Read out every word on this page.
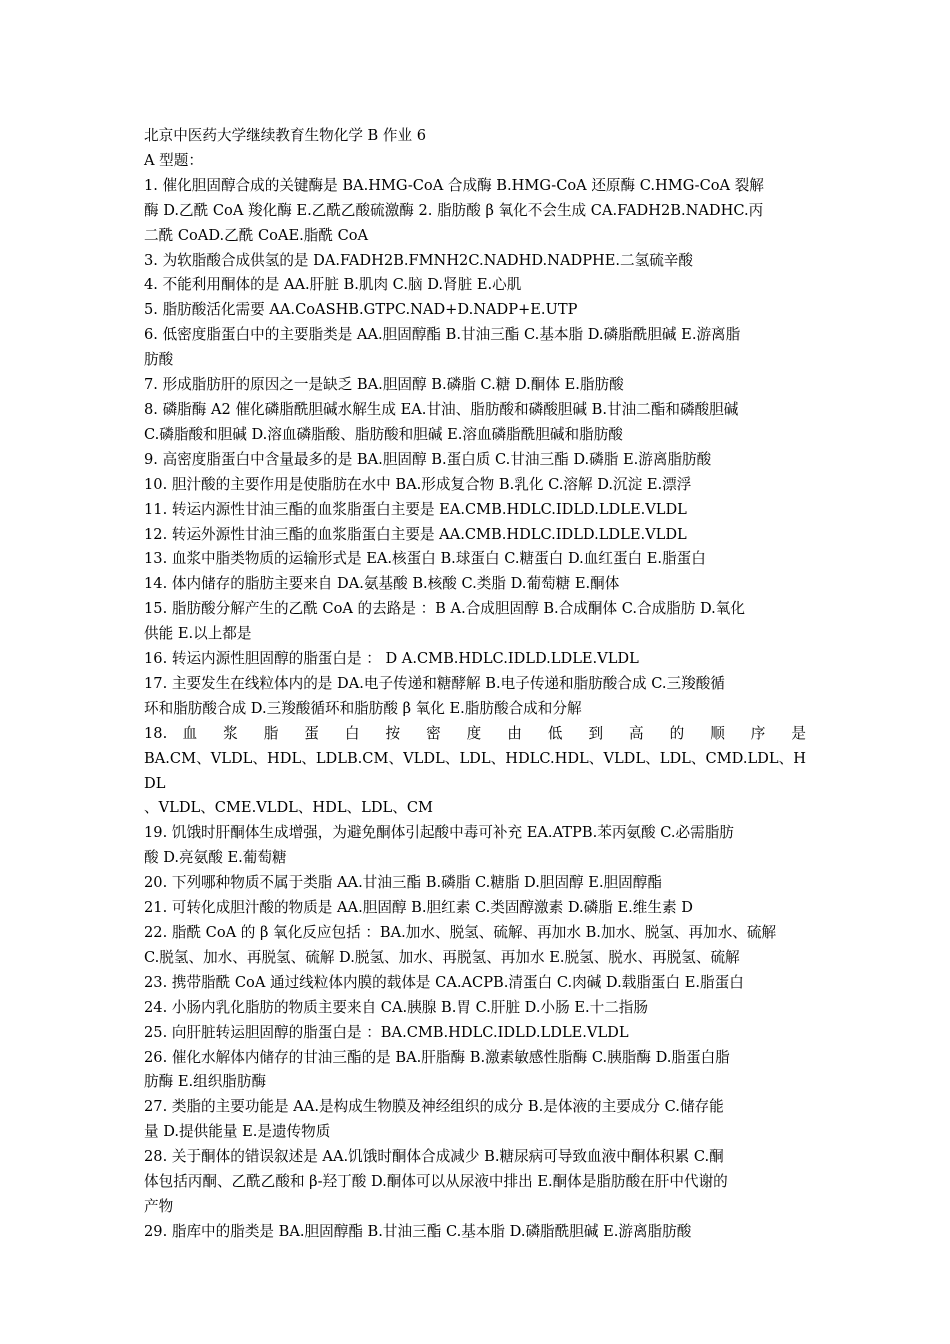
北京中医药大学继续教育生物化学 B 作业 6

A 型题：

1. 催化胆固醇合成的关键酶是 BA.HMG-CoA 合成酶 B.HMG-CoA 还原酶 C.HMG-CoA 裂解

酶 D.乙酰 CoA 羧化酶 E.乙酰乙酸硫激酶 2. 脂肪酸 β 氧化不会生成 CA.FADH2B.NADHC.丙

二酰 CoAD.乙酰 CoAE.脂酰 CoA

3. 为软脂酸合成供氢的是 DA.FADH2B.FMNH2C.NADHD.NADPHE.二氢硫辛酸

4. 不能利用酮体的是 AA.肝脏 B.肌肉 C.脑 D.肾脏 E.心肌

5. 脂肪酸活化需要 AA.CoASHB.GTPC.NAD+D.NADP+E.UTP

6. 低密度脂蛋白中的主要脂类是 AA.胆固醇酯 B.甘油三酯 C.基本脂 D.磷脂酰胆碱 E.游离脂

肪酸

7. 形成脂肪肝的原因之一是缺乏 BA.胆固醇 B.磷脂 C.糖 D.酮体 E.脂肪酸

8. 磷脂酶 A2 催化磷脂酰胆碱水解生成 EA.甘油、脂肪酸和磷酸胆碱 B.甘油二酯和磷酸胆碱

C.磷脂酸和胆碱 D.溶血磷脂酸、脂肪酸和胆碱 E.溶血磷脂酰胆碱和脂肪酸

9. 高密度脂蛋白中含量最多的是 BA.胆固醇 B.蛋白质 C.甘油三酯 D.磷脂 E.游离脂肪酸

10. 胆汁酸的主要作用是使脂肪在水中 BA.形成复合物 B.乳化 C.溶解 D.沉淀 E.漂浮

11. 转运内源性甘油三酯的血浆脂蛋白主要是 EA.CMB.HDLC.IDLD.LDLE.VLDL

12. 转运外源性甘油三酯的血浆脂蛋白主要是 AA.CMB.HDLC.IDLD.LDLE.VLDL

13. 血浆中脂类物质的运输形式是 EA.核蛋白 B.球蛋白 C.糖蛋白 D.血红蛋白 E.脂蛋白

14. 体内储存的脂肪主要来自 DA.氨基酸 B.核酸 C.类脂 D.葡萄糖 E.酮体

15. 脂肪酸分解产生的乙酰 CoA 的去路是 ：B A.合成胆固醇 B.合成酮体 C.合成脂肪 D.氧化

供能 E.以上都是

16. 转运内源性胆固醇的脂蛋白是 ： D A.CMB.HDLC.IDLD.LDLE.VLDL

17. 主要发生在线粒体内的是 DA.电子传递和糖酵解 B.电子传递和脂肪酸合成 C.三羧酸循

环和脂肪酸合成 D.三羧酸循环和脂肪酸 β 氧化 E.脂肪酸合成和分解

18. 血 浆 脂 蛋 白 按 密 度 由 低 到 高 的 顺 序 是

BA.CM、VLDL、HDL、LDLB.CM、VLDL、LDL、HDLC.HDL、VLDL、LDL、CMD.LDL、HDL

、VLDL、CME.VLDL、HDL、LDL、CM

19. 饥饿时肝酮体生成增强，为避免酮体引起酸中毒可补充 EA.ATPB.苯丙氨酸 C.必需脂肪

酸 D.亮氨酸 E.葡萄糖

20. 下列哪种物质不属于类脂 AA.甘油三酯 B.磷脂 C.糖脂 D.胆固醇 E.胆固醇酯

21. 可转化成胆汁酸的物质是 AA.胆固醇 B.胆红素 C.类固醇激素 D.磷脂 E.维生素 D

22. 脂酰 CoA 的 β 氧化反应包括 ：BA.加水、脱氢、硫解、再加水 B.加水、脱氢、再加水、硫解

C.脱氢、加水、再脱氢、硫解 D.脱氢、加水、再脱氢、再加水 E.脱氢、脱水、再脱氢、硫解

23. 携带脂酰 CoA 通过线粒体内膜的载体是 CA.ACPB.清蛋白 C.肉碱 D.载脂蛋白 E.脂蛋白

24. 小肠内乳化脂肪的物质主要来自 CA.胰腺 B.胃 C.肝脏 D.小肠 E.十二指肠

25. 向肝脏转运胆固醇的脂蛋白是 ：BA.CMB.HDLC.IDLD.LDLE.VLDL

26. 催化水解体内储存的甘油三酯的是 BA.肝脂酶 B.激素敏感性脂酶 C.胰脂酶 D.脂蛋白脂

肪酶 E.组织脂肪酶

27. 类脂的主要功能是 AA.是构成生物膜及神经组织的成分 B.是体液的主要成分 C.储存能

量 D.提供能量 E.是遗传物质

28. 关于酮体的错误叙述是 AA.饥饿时酮体合成减少 B.糖尿病可导致血液中酮体积累 C.酮

体包括丙酮、乙酰乙酸和 β-羟丁酸 D.酮体可以从尿液中排出 E.酮体是脂肪酸在肝中代谢的

产物

29. 脂库中的脂类是 BA.胆固醇酯 B.甘油三酯 C.基本脂 D.磷脂酰胆碱 E.游离脂肪酸
